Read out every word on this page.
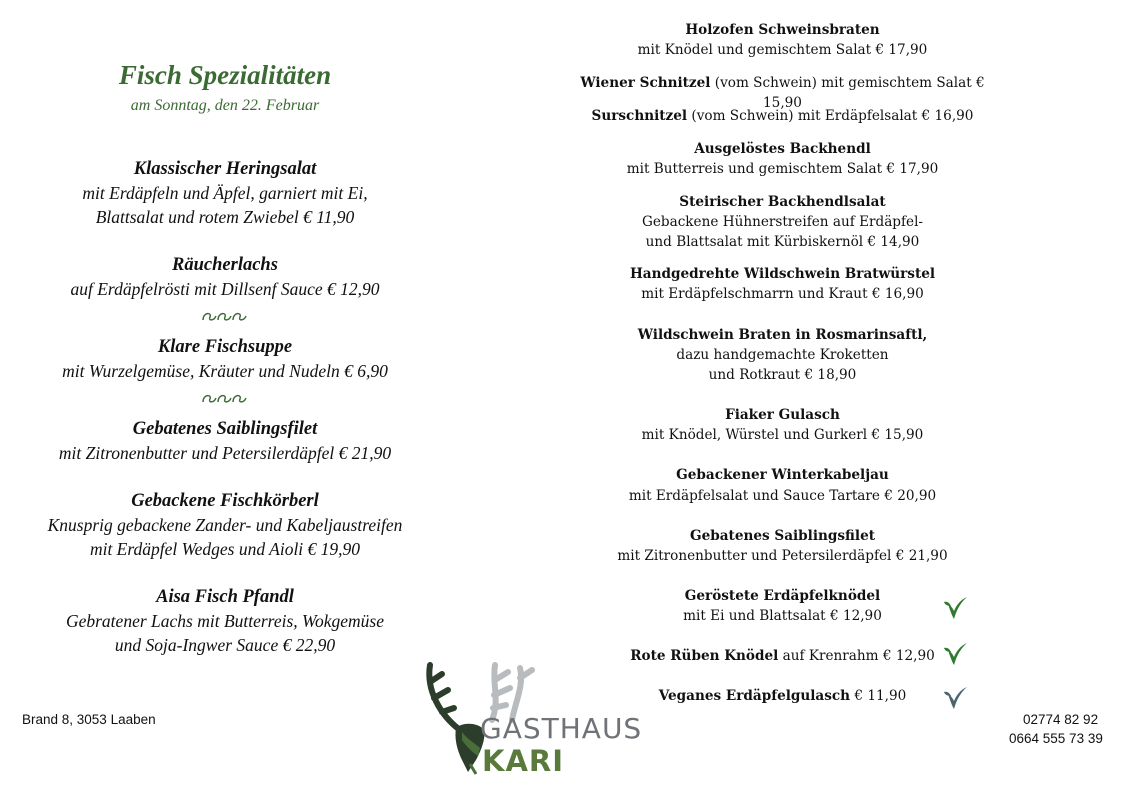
Fisch Spezialitäten
am Sonntag, den 22. Februar
Klassischer Heringsalat
mit Erdäpfeln und Äpfel, garniert mit Ei,
Blattsalat und rotem Zwiebel € 11,90
Räucherlachs
auf Erdäpfelrösti mit Dillsenf Sauce € 12,90
Klare Fischsuppe
mit Wurzelgemüse, Kräuter und Nudeln € 6,90
Gebatenes Saiblingsfilet
mit Zitronenbutter und Petersilerdäpfel € 21,90
Gebackene Fischkörberl
Knusprig gebackene Zander- und Kabeljaustreifen
mit Erdäpfel Wedges und Aioli € 19,90
Aisa Fisch Pfandl
Gebratener Lachs mit Butterreis, Wokgemüse
und Soja-Ingwer Sauce € 22,90
Holzofen Schweinsbraten
mit Knödel und gemischtem Salat € 17,90
Wiener Schnitzel (vom Schwein) mit gemischtem Salat € 15,90
Surschnitzel (vom Schwein) mit Erdäpfelsalat € 16,90
Ausgelöstes Backhendl
mit Butterreis und gemischtem Salat € 17,90
Steirischer Backhendlsalat
Gebackene Hühnerstreifen auf Erdäpfel-
und Blattsalat mit Kürbiskernöl € 14,90
Handgedrehte Wildschwein Bratwürstel
mit Erdäpfelschmarrn und Kraut € 16,90
Wildschwein Braten in Rosmarinsaftl,
dazu handgemachte Kroketten
und Rotkraut € 18,90
Fiaker Gulasch
mit Knödel, Würstel und Gurkerl € 15,90
Gebackener Winterkabeljau
mit Erdäpfelsalat und Sauce Tartare € 20,90
Gebatenes Saiblingsfilet
mit Zitronenbutter und Petersilerdäpfel € 21,90
Geröstete Erdäpfelknödel
mit Ei und Blattsalat € 12,90
Rote Rüben Knödel auf Krenrahm € 12,90
Veganes Erdäpfelgulasch € 11,90
Brand 8, 3053 Laaben	02774 82 92
0664 555 73 39
GASTHAUS
KARI
